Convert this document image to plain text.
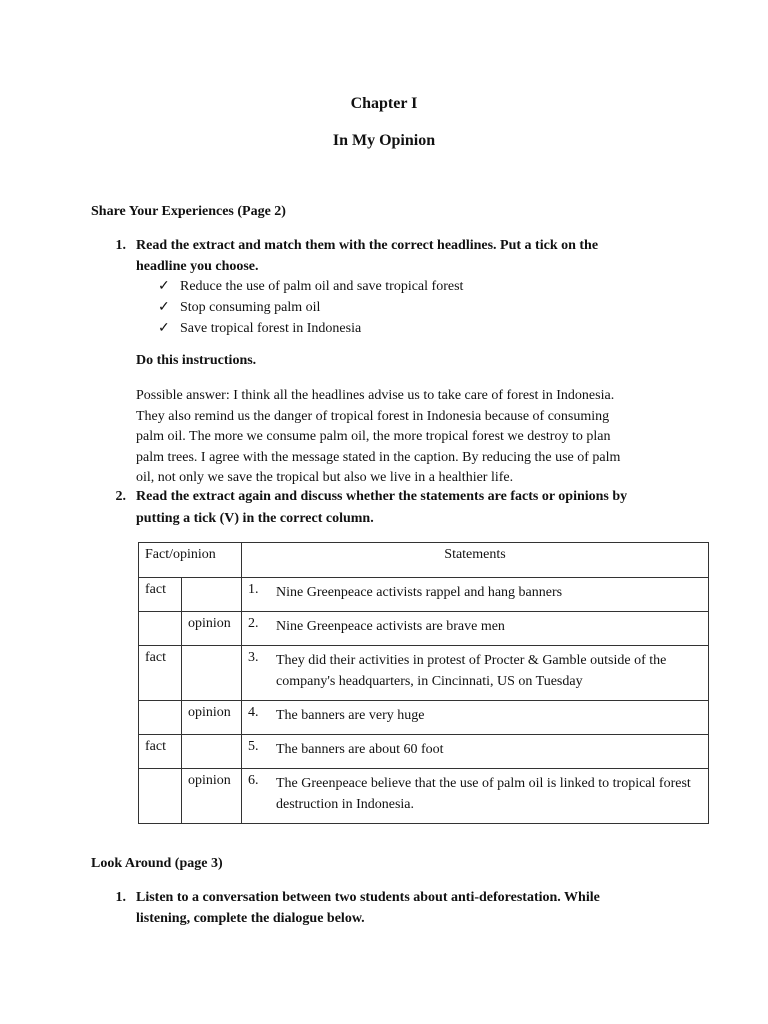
Chapter I
In My Opinion
Share Your Experiences (Page 2)
1. Read the extract and match them with the correct headlines. Put a tick on the
headline you choose.
✓ Reduce the use of palm oil and save tropical forest
✓ Stop consuming palm oil
✓ Save tropical forest in Indonesia
Do this instructions.
Possible answer: I think all the headlines advise us to take care of forest in Indonesia.
They also remind us the danger of tropical forest in Indonesia because of consuming
palm oil. The more we consume palm oil, the more tropical forest we destroy to plan
palm trees. I agree with the message stated in the caption. By reducing the use of palm
oil, not only we save the tropical but also we live in a healthier life.
2. Read the extract again and discuss whether the statements are facts or opinions by
putting a tick (V) in the correct column.
Fact/opinion		Statements
fact		1. Nine Greenpeace activists rappel and hang banners

	opinion	2. Nine Greenpeace activists are brave men

fact		3. They did their activities in protest of Procter & Gamble outside of the company's headquarters, in Cincinnati, US on Tuesday

	opinion	4. The banners are very huge

fact		5. The banners are about 60 foot

	opinion	6. The Greenpeace believe that the use of palm oil is linked to tropical forest destruction in Indonesia.
Look Around (page 3)
1. Listen to a conversation between two students about anti-deforestation. While
listening, complete the dialogue below.
